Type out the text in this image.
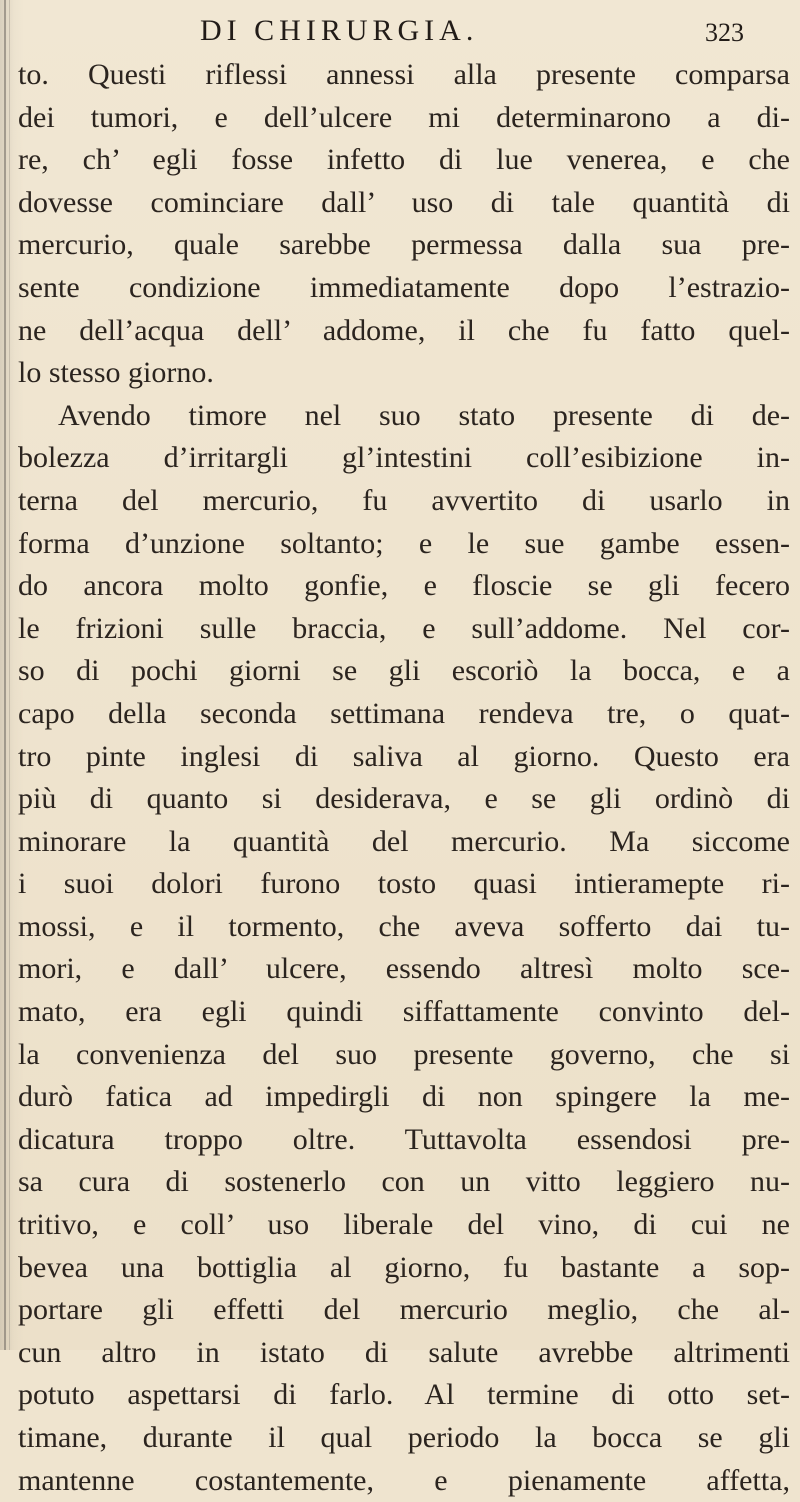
DI CHIRURGIA.	323
to. Questi riflessi annessi alla presente comparsa
dei tumori, e dell’ulcere mi determinarono a di-
re, ch’ egli fosse infetto di lue venerea, e che
dovesse cominciare dall’ uso di tale quantità di
mercurio, quale sarebbe permessa dalla sua pre-
sente condizione immediatamente dopo l’estrazio-
ne dell’acqua dell’ addome, il che fu fatto quel-
lo stesso giorno.
Avendo timore nel suo stato presente di de-
bolezza d’irritargli gl’intestini coll’esibizione in-
terna del mercurio, fu avvertito di usarlo in
forma d’unzione soltanto; e le sue gambe essen-
do ancora molto gonfie, e floscie se gli fecero
le frizioni sulle braccia, e sull’addome. Nel cor-
so di pochi giorni se gli escoriò la bocca, e a
capo della seconda settimana rendeva tre, o quat-
tro pinte inglesi di saliva al giorno. Questo era
più di quanto si desiderava, e se gli ordinò di
minorare la quantità del mercurio. Ma siccome
i suoi dolori furono tosto quasi intieramepte ri-
mossi, e il tormento, che aveva sofferto dai tu-
mori, e dall’ ulcere, essendo altresì molto sce-
mato, era egli quindi siffattamente convinto del-
la convenienza del suo presente governo, che si
durò fatica ad impedirgli di non spingere la me-
dicatura troppo oltre. Tuttavolta essendosi pre-
sa cura di sostenerlo con un vitto leggiero nu-
tritivo, e coll’ uso liberale del vino, di cui ne
bevea una bottiglia al giorno, fu bastante a sop-
portare gli effetti del mercurio meglio, che al-
cun altro in istato di salute avrebbe altrimenti
potuto aspettarsi di farlo. Al termine di otto set-
timane, durante il qual periodo la bocca se gli
mantenne costantemente, e pienamente affetta,
